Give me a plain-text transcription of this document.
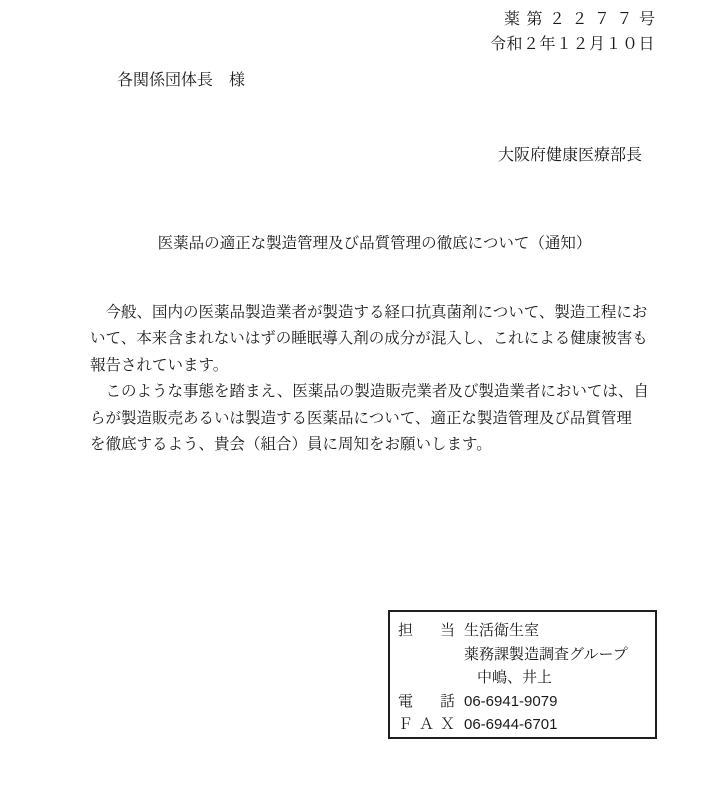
薬第２２７７号
令和２年１２月１０日
各関係団体長　様
大阪府健康医療部長
医薬品の適正な製造管理及び品質管理の徹底について（通知）
　今般、国内の医薬品製造業者が製造する経口抗真菌剤について、製造工程にお
いて、本来含まれないはずの睡眠導入剤の成分が混入し、これによる健康被害も
報告されています。
　このような事態を踏まえ、医薬品の製造販売業者及び製造業者においては、自
らが製造販売あるいは製造する医薬品について、適正な製造管理及び品質管理
を徹底するよう、貴会（組合）員に周知をお願いします。
担　当 生活衛生室
薬務課製造調査グループ
中嶋、井上
電　話 06-6941-9079
ＦＡＸ 06-6944-6701
